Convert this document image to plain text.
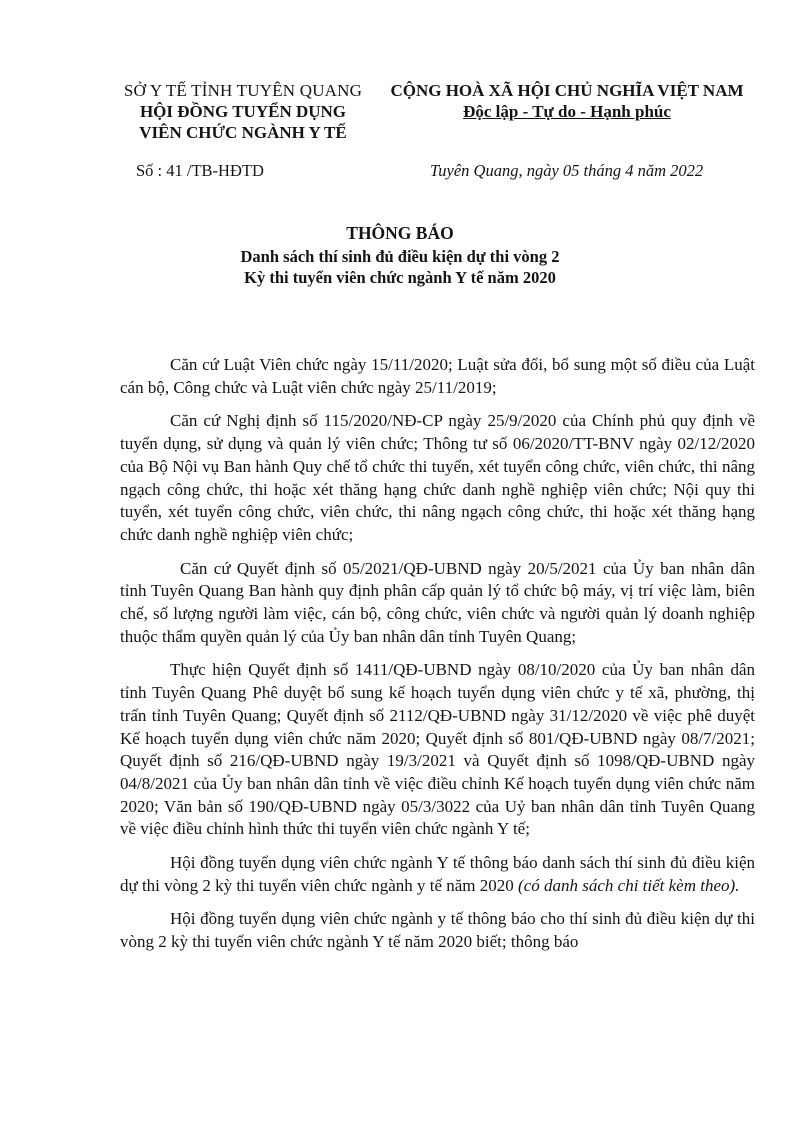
SỞ Y TẾ TỈNH TUYÊN QUANG
HỘI ĐỒNG TUYỂN DỤNG
VIÊN CHỨC NGÀNH Y TẾ
CỘNG HOÀ XÃ HỘI CHỦ NGHĨA VIỆT NAM
Độc lập - Tự do - Hạnh phúc
Số : 41 /TB-HĐTD	Tuyên Quang, ngày 05 tháng 4 năm 2022
THÔNG BÁO
Danh sách thí sinh đủ điều kiện dự thi vòng 2
Kỳ thi tuyển viên chức ngành Y tế năm 2020

Căn cứ Luật Viên chức ngày 15/11/2020; Luật sửa đổi, bổ sung một số điều của Luật cán bộ, Công chức và Luật viên chức ngày 25/11/2019;

Căn cứ Nghị định số 115/2020/NĐ-CP ngày 25/9/2020 của Chính phủ quy định về tuyển dụng, sử dụng và quản lý viên chức; Thông tư số 06/2020/TT-BNV ngày 02/12/2020 của Bộ Nội vụ Ban hành Quy chế tổ chức thi tuyển, xét tuyển công chức, viên chức, thi nâng ngạch công chức, thi hoặc xét thăng hạng chức danh nghề nghiệp viên chức; Nội quy thi tuyển, xét tuyển công chức, viên chức, thi nâng ngạch công chức, thi hoặc xét thăng hạng chức danh nghề nghiệp viên chức;

Căn cứ Quyết định số 05/2021/QĐ-UBND ngày 20/5/2021 của Ủy ban nhân dân tỉnh Tuyên Quang Ban hành quy định phân cấp quản lý tổ chức bộ máy, vị trí việc làm, biên chế, số lượng người làm việc, cán bộ, công chức, viên chức và người quản lý doanh nghiệp thuộc thẩm quyền quản lý của Ủy ban nhân dân tỉnh Tuyên Quang;

Thực hiện Quyết định số 1411/QĐ-UBND ngày 08/10/2020 của Ủy ban nhân dân tỉnh Tuyên Quang Phê duyệt bổ sung kế hoạch tuyển dụng viên chức y tế xã, phường, thị trấn tỉnh Tuyên Quang; Quyết định số 2112/QĐ-UBND ngày 31/12/2020 về việc phê duyệt Kế hoạch tuyển dụng viên chức năm 2020; Quyết định số 801/QĐ-UBND ngày 08/7/2021; Quyết định số 216/QĐ-UBND ngày 19/3/2021 và Quyết định số 1098/QĐ-UBND ngày 04/8/2021 của Ủy ban nhân dân tỉnh về việc điều chỉnh Kế hoạch tuyển dụng viên chức năm 2020; Văn bản số 190/QĐ-UBND ngày 05/3/3022 của Uỷ ban nhân dân tỉnh Tuyên Quang về việc điều chỉnh hình thức thi tuyển viên chức ngành Y tế;

Hội đồng tuyển dụng viên chức ngành Y tế thông báo danh sách thí sinh đủ điều kiện dự thi vòng 2 kỳ thi tuyển viên chức ngành y tế năm 2020 (có danh sách chi tiết kèm theo).

Hội đồng tuyển dụng viên chức ngành y tế thông báo cho thí sinh đủ điều kiện dự thi vòng 2 kỳ thi tuyển viên chức ngành Y tế năm 2020 biết; thông báo
